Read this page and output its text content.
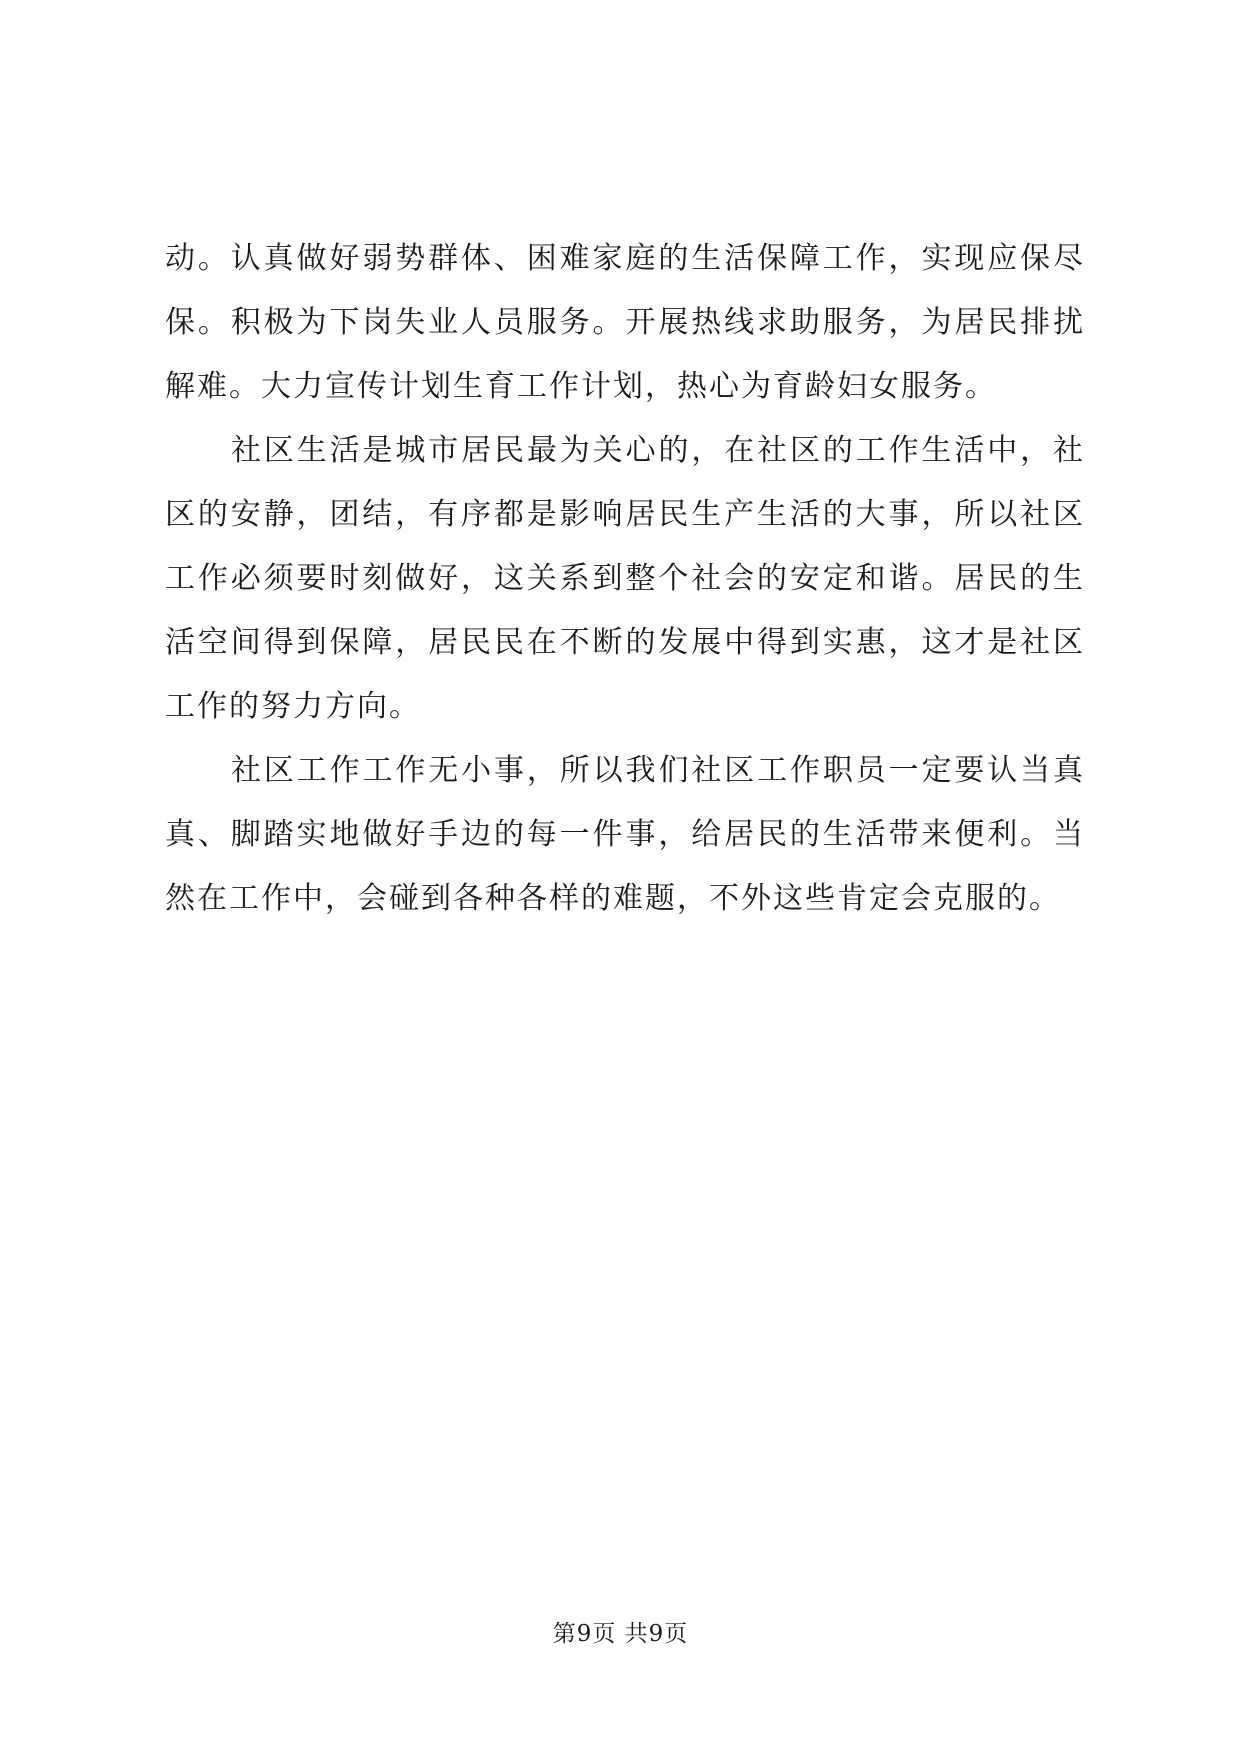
动。认真做好弱势群体、困难家庭的生活保障工作，实现应保尽
保。积极为下岗失业人员服务。开展热线求助服务，为居民排扰
解难。大力宣传计划生育工作计划，热心为育龄妇女服务。
社区生活是城市居民最为关心的，在社区的工作生活中，社
区的安静，团结，有序都是影响居民生产生活的大事，所以社区
工作必须要时刻做好，这关系到整个社会的安定和谐。居民的生
活空间得到保障，居民民在不断的发展中得到实惠，这才是社区
工作的努力方向。
社区工作工作无小事，所以我们社区工作职员一定要认当真
真、脚踏实地做好手边的每一件事，给居民的生活带来便利。当
然在工作中，会碰到各种各样的难题，不外这些肯定会克服的。
第9页 共9页
